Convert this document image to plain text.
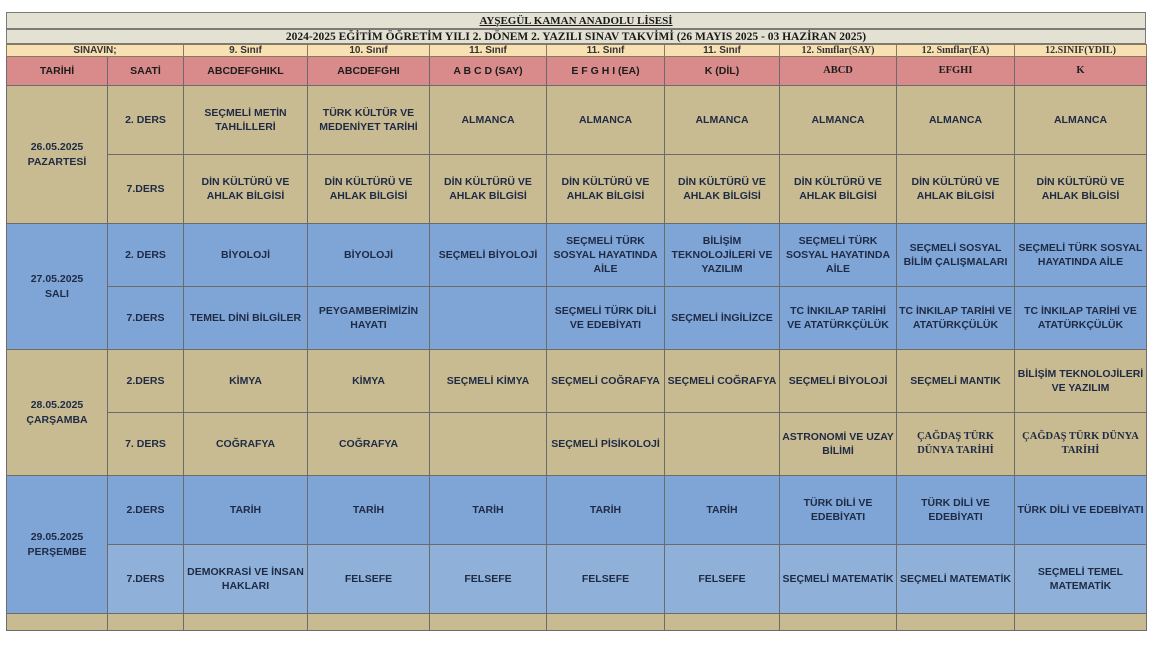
AYŞEGÜL KAMAN ANADOLU LİSESİ
2024-2025 EĞİTİM ÖĞRETİM YILI 2. DÖNEM 2. YAZILI SINAV TAKVİMİ (26 MAYIS 2025 - 03 HAZİRAN 2025)
SINAVIN;		9. Sınıf	10. Sınıf	11. Sınıf	11. Sınıf	11. Sınıf	12. Sınıflar(SAY)	12. Sınıflar(EA)	12.SINIF(YDİL)
TARİHİ	SAATİ	ABCDEFGHIKL	ABCDEFGHI	A B C D (SAY)	E F G H I (EA)	K (DİL)	ABCD	EFGHI	K

26.05.2025
PAZARTESİ	2. DERS	SEÇMELİ METİN TAHLİLLERİ	TÜRK KÜLTÜR VE MEDENİYET TARİHİ	ALMANCA	ALMANCA	ALMANCA	ALMANCA	ALMANCA	ALMANCA
	7.DERS	DİN KÜLTÜRÜ VE AHLAK BİLGİSİ	DİN KÜLTÜRÜ VE AHLAK BİLGİSİ	DİN KÜLTÜRÜ VE AHLAK BİLGİSİ	DİN KÜLTÜRÜ VE AHLAK BİLGİSİ	DİN KÜLTÜRÜ VE AHLAK BİLGİSİ	DİN KÜLTÜRÜ VE AHLAK BİLGİSİ	DİN KÜLTÜRÜ VE AHLAK BİLGİSİ	DİN KÜLTÜRÜ VE AHLAK BİLGİSİ

27.05.2025
SALI	2. DERS	BİYOLOJİ	BİYOLOJİ	SEÇMELİ BİYOLOJİ	SEÇMELİ TÜRK SOSYAL HAYATINDA AİLE	BİLİŞİM TEKNOLOJİLERİ VE YAZILIM	SEÇMELİ TÜRK SOSYAL HAYATINDA AİLE	SEÇMELİ SOSYAL BİLİM ÇALIŞMALARI	SEÇMELİ TÜRK SOSYAL HAYATINDA AİLE
	7.DERS	TEMEL DİNİ BİLGİLER	PEYGAMBERİMİZİN HAYATI		SEÇMELİ TÜRK DİLİ VE EDEBİYATI	SEÇMELİ İNGİLİZCE	TC İNKILAP TARİHİ VE ATATÜRKÇÜLÜK	TC İNKILAP TARİHİ VE ATATÜRKÇÜLÜK	TC İNKILAP TARİHİ VE ATATÜRKÇÜLÜK

28.05.2025
ÇARŞAMBA	2.DERS	KİMYA	KİMYA	SEÇMELİ KİMYA	SEÇMELİ COĞRAFYA	SEÇMELİ COĞRAFYA	SEÇMELİ BİYOLOJİ	SEÇMELİ MANTIK	BİLİŞİM TEKNOLOJİLERİ VE YAZILIM
	7. DERS	COĞRAFYA	COĞRAFYA		SEÇMELİ PİSİKOLOJİ		ASTRONOMİ VE UZAY BİLİMİ	ÇAĞDAŞ TÜRK DÜNYA TARİHİ	ÇAĞDAŞ TÜRK DÜNYA TARİHİ

29.05.2025
PERŞEMBE	2.DERS	TARİH	TARİH	TARİH	TARİH	TARİH	TÜRK DİLİ VE EDEBİYATI	TÜRK DİLİ VE EDEBİYATI	TÜRK DİLİ VE EDEBİYATI
	7.DERS	DEMOKRASİ VE İNSAN HAKLARI	FELSEFE	FELSEFE	FELSEFE	FELSEFE	SEÇMELİ MATEMATİK	SEÇMELİ MATEMATİK	SEÇMELİ TEMEL MATEMATİK
